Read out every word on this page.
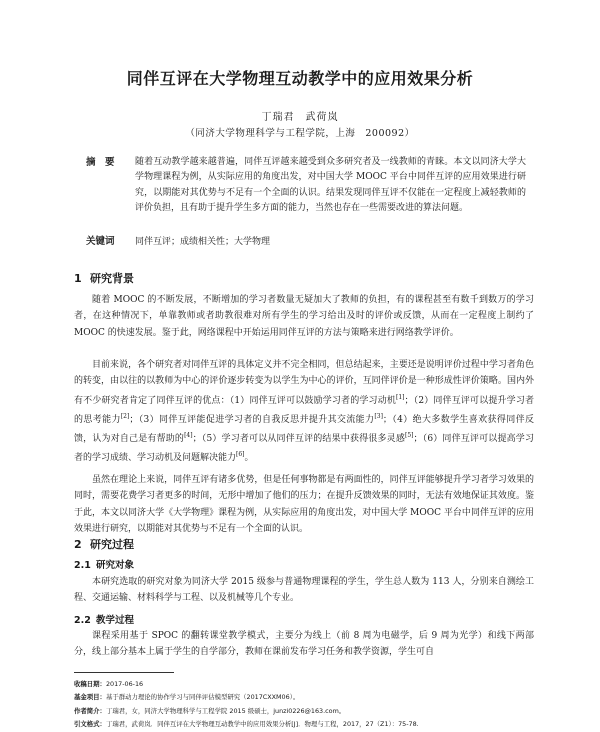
同伴互评在大学物理互动教学中的应用效果分析
丁瑞君　武荷岚
（同济大学物理科学与工程学院，上海　200092）
摘　要 随着互动教学越来越普遍，同伴互评越来越受到众多研究者及一线教师的青睐。本文以同济大学大学物理课程为例，从实际应用的角度出发，对中国大学 MOOC 平台中同伴互评的应用效果进行研究，以期能对其优势与不足有一个全面的认识。结果发现同伴互评不仅能在一定程度上减轻教师的评价负担，且有助于提升学生多方面的能力，当然也存在一些需要改进的算法问题。
关键词 同伴互评；成绩相关性；大学物理
1 研究背景
随着 MOOC 的不断发展，不断增加的学习者数量无疑加大了教师的负担，有的课程甚至有数千到数万的学习者，在这种情况下，单靠教师或者助教很难对所有学生的学习给出及时的评价或反馈，从而在一定程度上制约了 MOOC 的快速发展。鉴于此，网络课程中开始运用同伴互评的方法与策略来进行网络教学评价。
目前来说，各个研究者对同伴互评的具体定义并不完全相同，但总结起来，主要还是说明评价过程中学习者角色的转变，由以往的以教师为中心的评价逐步转变为以学生为中心的评价，互同伴评价是一种形成性评价策略。国内外有不少研究者肯定了同伴互评的优点：（1）同伴互评可以鼓励学习者的学习动机[1]；（2）同伴互评可以提升学习者的思考能力[2]；（3）同伴互评能促进学习者的自我反思并提升其交流能力[3]；（4）绝大多数学生喜欢获得同伴反馈，认为对自己是有帮助的[4]；（5）学习者可以从同伴互评的结果中获得很多灵感[5]；（6）同伴互评可以提高学习者的学习成绩、学习动机及问题解决能力[6]。
虽然在理论上来说，同伴互评有诸多优势，但是任何事物都是有两面性的，同伴互评能够提升学习者学习效果的同时，需要花费学习者更多的时间，无形中增加了他们的压力；在提升反馈效果的同时，无法有效地保证其效度。鉴于此，本文以同济大学《大学物理》课程为例，从实际应用的角度出发，对中国大学 MOOC 平台中同伴互评的应用效果进行研究，以期能对其优势与不足有一个全面的认识。
2 研究过程
2.1 研究对象
本研究选取的研究对象为同济大学 2015 级参与普通物理课程的学生，学生总人数为 113 人，分别来自测绘工程、交通运输、材料科学与工程、以及机械等几个专业。
2.2 教学过程
课程采用基于 SPOC 的翻转课堂教学模式，主要分为线上（前 8 周为电磁学，后 9 周为光学）和线下两部分，线上部分基本上属于学生的自学部分，教师在课前发布学习任务和教学资源，学生可自
收稿日期：2017-06-16
基金项目：基于群动力理论的协作学习与同伴评估模型研究（2017CXXM06）。
作者简介：丁瑞君，女，同济大学物理科学与工程学院 2015 级硕士，junzi0226@163.com。
引文格式：丁瑞君，武荷岚．同伴互评在大学物理互动教学中的应用效果分析[J]．物理与工程，2017，27（Z1）：75-78.
